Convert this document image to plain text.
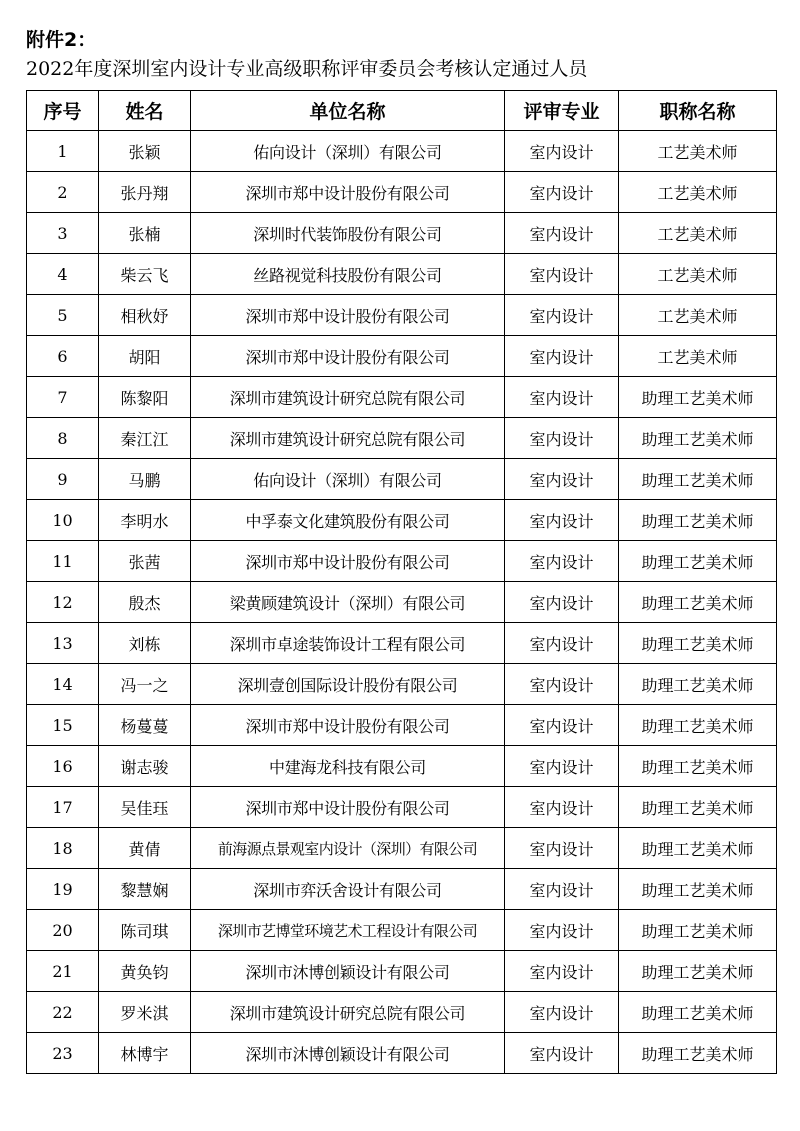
附件2：
2022年度深圳室内设计专业高级职称评审委员会考核认定通过人员
序号	姓名	单位名称	评审专业	职称名称
1	张颖	佑向设计（深圳）有限公司	室内设计	工艺美术师
2	张丹翔	深圳市郑中设计股份有限公司	室内设计	工艺美术师
3	张楠	深圳时代装饰股份有限公司	室内设计	工艺美术师
4	柴云飞	丝路视觉科技股份有限公司	室内设计	工艺美术师
5	相秋妤	深圳市郑中设计股份有限公司	室内设计	工艺美术师
6	胡阳	深圳市郑中设计股份有限公司	室内设计	工艺美术师
7	陈黎阳	深圳市建筑设计研究总院有限公司	室内设计	助理工艺美术师
8	秦江江	深圳市建筑设计研究总院有限公司	室内设计	助理工艺美术师
9	马鹏	佑向设计（深圳）有限公司	室内设计	助理工艺美术师
10	李明水	中孚泰文化建筑股份有限公司	室内设计	助理工艺美术师
11	张茜	深圳市郑中设计股份有限公司	室内设计	助理工艺美术师
12	殷杰	梁黄顾建筑设计（深圳）有限公司	室内设计	助理工艺美术师
13	刘栋	深圳市卓途装饰设计工程有限公司	室内设计	助理工艺美术师
14	冯一之	深圳壹创国际设计股份有限公司	室内设计	助理工艺美术师
15	杨蔓蔓	深圳市郑中设计股份有限公司	室内设计	助理工艺美术师
16	谢志骏	中建海龙科技有限公司	室内设计	助理工艺美术师
17	吴佳珏	深圳市郑中设计股份有限公司	室内设计	助理工艺美术师
18	黄倩	前海源点景观室内设计（深圳）有限公司	室内设计	助理工艺美术师
19	黎慧娴	深圳市弈沃舍设计有限公司	室内设计	助理工艺美术师
20	陈司琪	深圳市艺博堂环境艺术工程设计有限公司	室内设计	助理工艺美术师
21	黄奂钧	深圳市沐博创颖设计有限公司	室内设计	助理工艺美术师
22	罗米淇	深圳市建筑设计研究总院有限公司	室内设计	助理工艺美术师
23	林博宇	深圳市沐博创颖设计有限公司	室内设计	助理工艺美术师
